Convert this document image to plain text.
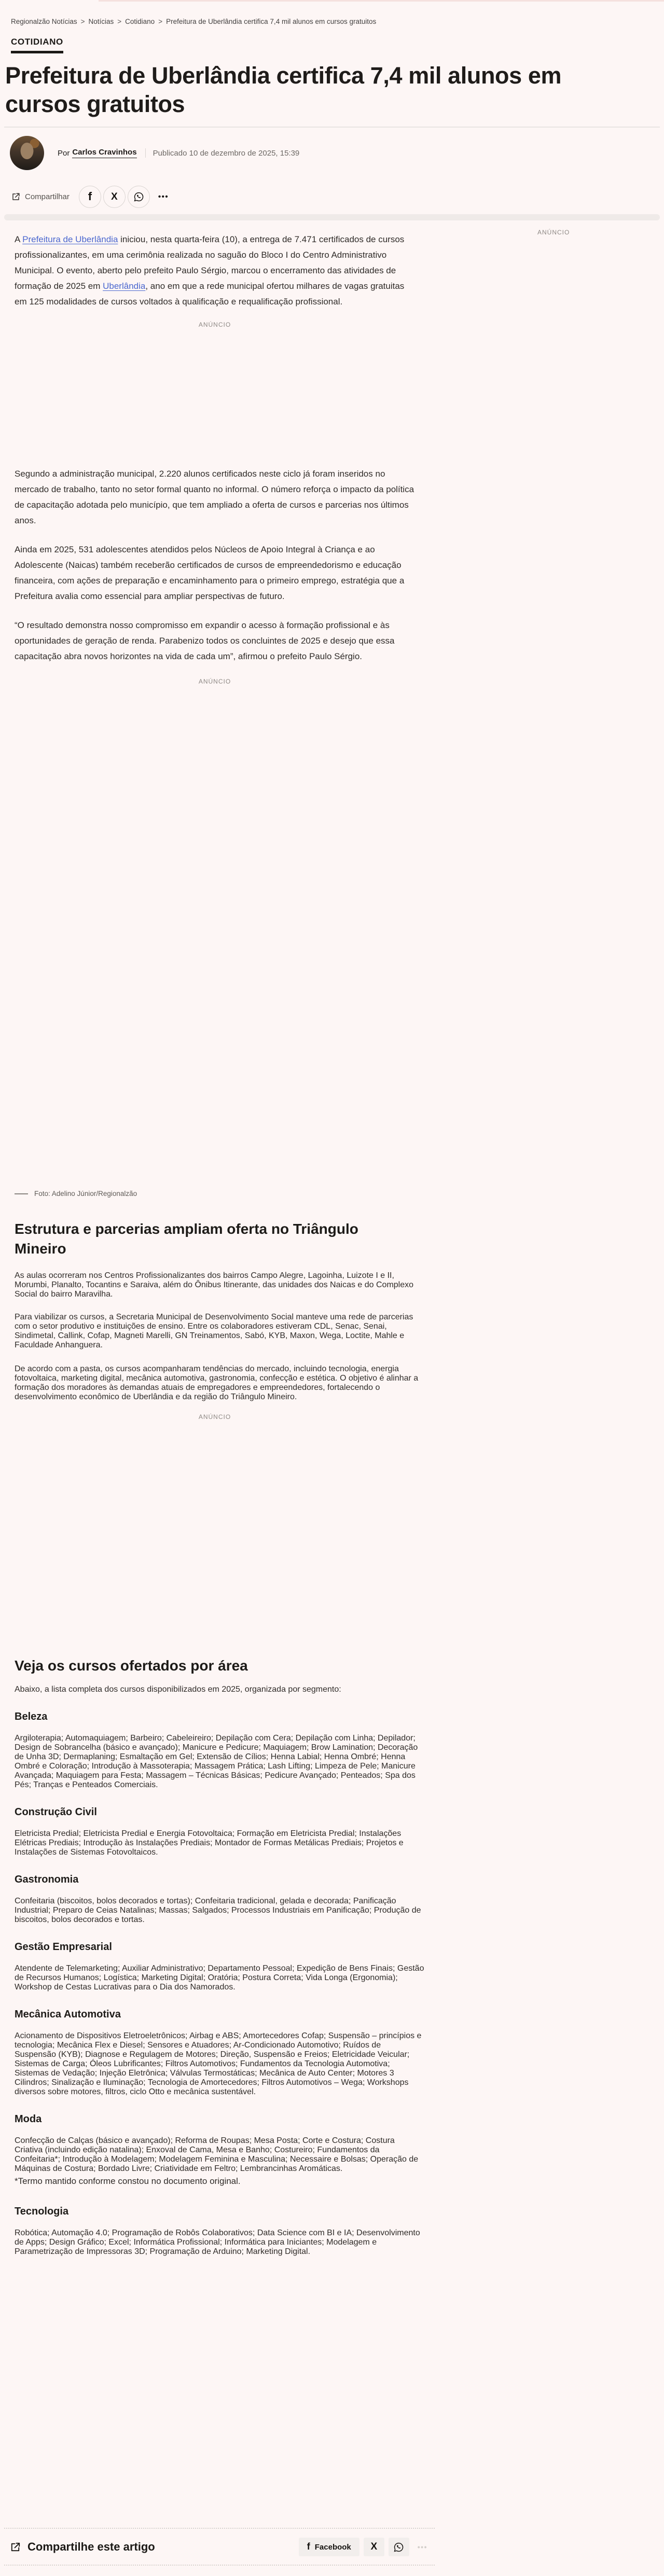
Regionalzão Notícias > Notícias > Cotidiano > Prefeitura de Uberlândia certifica 7,4 mil alunos em cursos gratuitos
COTIDIANO
Prefeitura de Uberlândia certifica 7,4 mil alunos em cursos gratuitos
Por Carlos Cravinhos Publicado 10 de dezembro de 2025, 15:39
Compartilhar f X	•••
ANÚNCIO

A Prefeitura de Uberlândia iniciou, nesta quarta-feira (10), a entrega de 7.471 certificados de cursos profissionalizantes, em uma cerimônia realizada no saguão do Bloco I do Centro Administrativo Municipal. O evento, aberto pelo prefeito Paulo Sérgio, marcou o encerramento das atividades de formação de 2025 em Uberlândia, ano em que a rede municipal ofertou milhares de vagas gratuitas em 125 modalidades de cursos voltados à qualificação e requalificação profissional.

ANÚNCIO

Segundo a administração municipal, 2.220 alunos certificados neste ciclo já foram inseridos no mercado de trabalho, tanto no setor formal quanto no informal. O número reforça o impacto da política de capacitação adotada pelo município, que tem ampliado a oferta de cursos e parcerias nos últimos anos.

Ainda em 2025, 531 adolescentes atendidos pelos Núcleos de Apoio Integral à Criança e ao Adolescente (Naicas) também receberão certificados de cursos de empreendedorismo e educação financeira, com ações de preparação e encaminhamento para o primeiro emprego, estratégia que a Prefeitura avalia como essencial para ampliar perspectivas de futuro.

“O resultado demonstra nosso compromisso em expandir o acesso à formação profissional e às oportunidades de geração de renda. Parabenizo todos os concluintes de 2025 e desejo que essa capacitação abra novos horizontes na vida de cada um”, afirmou o prefeito Paulo Sérgio.

ANÚNCIO
Foto: Adelino Júnior/Regionalzão
Estrutura e parcerias ampliam oferta no Triângulo Mineiro

As aulas ocorreram nos Centros Profissionalizantes dos bairros Campo Alegre, Lagoinha, Luizote I e II, Morumbi, Planalto, Tocantins e Saraiva, além do Ônibus Itinerante, das unidades dos Naicas e do Complexo Social do bairro Maravilha.

Para viabilizar os cursos, a Secretaria Municipal de Desenvolvimento Social manteve uma rede de parcerias com o setor produtivo e instituições de ensino. Entre os colaboradores estiveram CDL, Senac, Senai, Sindimetal, Callink, Cofap, Magneti Marelli, GN Treinamentos, Sabó, KYB, Maxon, Wega, Loctite, Mahle e Faculdade Anhanguera.

De acordo com a pasta, os cursos acompanharam tendências do mercado, incluindo tecnologia, energia fotovoltaica, marketing digital, mecânica automotiva, gastronomia, confecção e estética. O objetivo é alinhar a formação dos moradores às demandas atuais de empregadores e empreendedores, fortalecendo o desenvolvimento econômico de Uberlândia e da região do Triângulo Mineiro.

ANÚNCIO
Veja os cursos ofertados por área

Abaixo, a lista completa dos cursos disponibilizados em 2025, organizada por segmento:

Beleza

Argiloterapia; Automaquiagem; Barbeiro; Cabeleireiro; Depilação com Cera; Depilação com Linha; Depilador; Design de Sobrancelha (básico e avançado); Manicure e Pedicure; Maquiagem; Brow Lamination; Decoração de Unha 3D; Dermaplaning; Esmaltação em Gel; Extensão de Cílios; Henna Labial; Henna Ombré; Henna Ombré e Coloração; Introdução à Massoterapia; Massagem Prática; Lash Lifting; Limpeza de Pele; Manicure Avançada; Maquiagem para Festa; Massagem – Técnicas Básicas; Pedicure Avançado; Penteados; Spa dos Pés; Tranças e Penteados Comerciais.

Construção Civil

Eletricista Predial; Eletricista Predial e Energia Fotovoltaica; Formação em Eletricista Predial; Instalações Elétricas Prediais; Introdução às Instalações Prediais; Montador de Formas Metálicas Prediais; Projetos e Instalações de Sistemas Fotovoltaicos.

Gastronomia

Confeitaria (biscoitos, bolos decorados e tortas); Confeitaria tradicional, gelada e decorada; Panificação Industrial; Preparo de Ceias Natalinas; Massas; Salgados; Processos Industriais em Panificação; Produção de biscoitos, bolos decorados e tortas.

Gestão Empresarial

Atendente de Telemarketing; Auxiliar Administrativo; Departamento Pessoal; Expedição de Bens Finais; Gestão de Recursos Humanos; Logística; Marketing Digital; Oratória; Postura Correta; Vida Longa (Ergonomia); Workshop de Cestas Lucrativas para o Dia dos Namorados.

Mecânica Automotiva

Acionamento de Dispositivos Eletroeletrônicos; Airbag e ABS; Amortecedores Cofap; Suspensão – princípios e tecnologia; Mecânica Flex e Diesel; Sensores e Atuadores; Ar-Condicionado Automotivo; Ruídos de Suspensão (KYB); Diagnose e Regulagem de Motores; Direção, Suspensão e Freios; Eletricidade Veicular; Sistemas de Carga; Óleos Lubrificantes; Filtros Automotivos; Fundamentos da Tecnologia Automotiva; Sistemas de Vedação; Injeção Eletrônica; Válvulas Termostáticas; Mecânica de Auto Center; Motores 3 Cilindros; Sinalização e Iluminação; Tecnologia de Amortecedores; Filtros Automotivos – Wega; Workshops diversos sobre motores, filtros, ciclo Otto e mecânica sustentável.

Moda

Confecção de Calças (básico e avançado); Reforma de Roupas; Mesa Posta; Corte e Costura; Costura Criativa (incluindo edição natalina); Enxoval de Cama, Mesa e Banho; Costureiro; Fundamentos da Confeitaria*; Introdução à Modelagem; Modelagem Feminina e Masculina; Necessaire e Bolsas; Operação de Máquinas de Costura; Bordado Livre; Criatividade em Feltro; Lembrancinhas Aromáticas.

*Termo mantido conforme constou no documento original.
Tecnologia

Robótica; Automação 4.0; Programação de Robôs Colaborativos; Data Science com BI e IA; Desenvolvimento de Apps; Design Gráfico; Excel; Informática Profissional; Informática para Iniciantes; Modelagem e Parametrização de Impressoras 3D; Programação de Arduino; Marketing Digital.

Compartilhe este artigo	f Facebook X	•••
